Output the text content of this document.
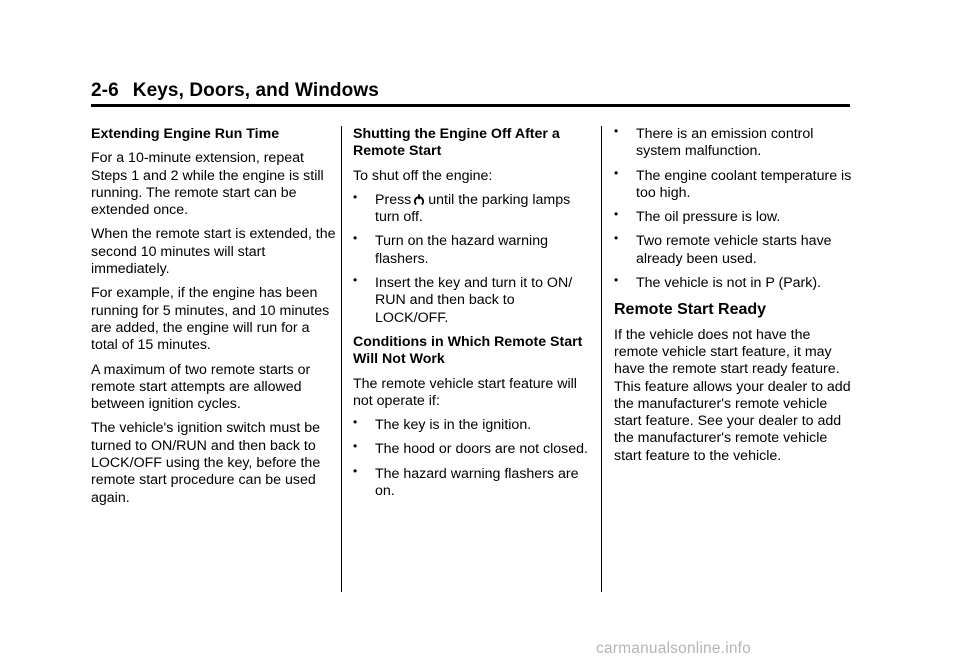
2-6 Keys, Doors, and Windows

Extending Engine Run Time

For a 10-minute extension, repeat Steps 1 and 2 while the engine is still running. The remote start can be extended once.

When the remote start is extended, the second 10 minutes will start immediately.

For example, if the engine has been running for 5 minutes, and 10 minutes are added, the engine will run for a total of 15 minutes.

A maximum of two remote starts or remote start attempts are allowed between ignition cycles.

The vehicle's ignition switch must be turned to ON/RUN and then back to LOCK/OFF using the key, before the remote start procedure can be used again.

Shutting the Engine Off After a Remote Start

To shut off the engine:

• Press until the parking lamps turn off.
• Turn on the hazard warning flashers.
• Insert the key and turn it to ON/ RUN and then back to LOCK/OFF.

Conditions in Which Remote Start Will Not Work

The remote vehicle start feature will not operate if:

• The key is in the ignition.
• The hood or doors are not closed.
• The hazard warning flashers are on.
• There is an emission control system malfunction.
• The engine coolant temperature is too high.
• The oil pressure is low.
• Two remote vehicle starts have already been used.
• The vehicle is not in P (Park).
Remote Start Ready

If the vehicle does not have the remote vehicle start feature, it may have the remote start ready feature. This feature allows your dealer to add the manufacturer's remote vehicle start feature. See your dealer to add the manufacturer's remote vehicle start feature to the vehicle.

carmanualsonline.info
